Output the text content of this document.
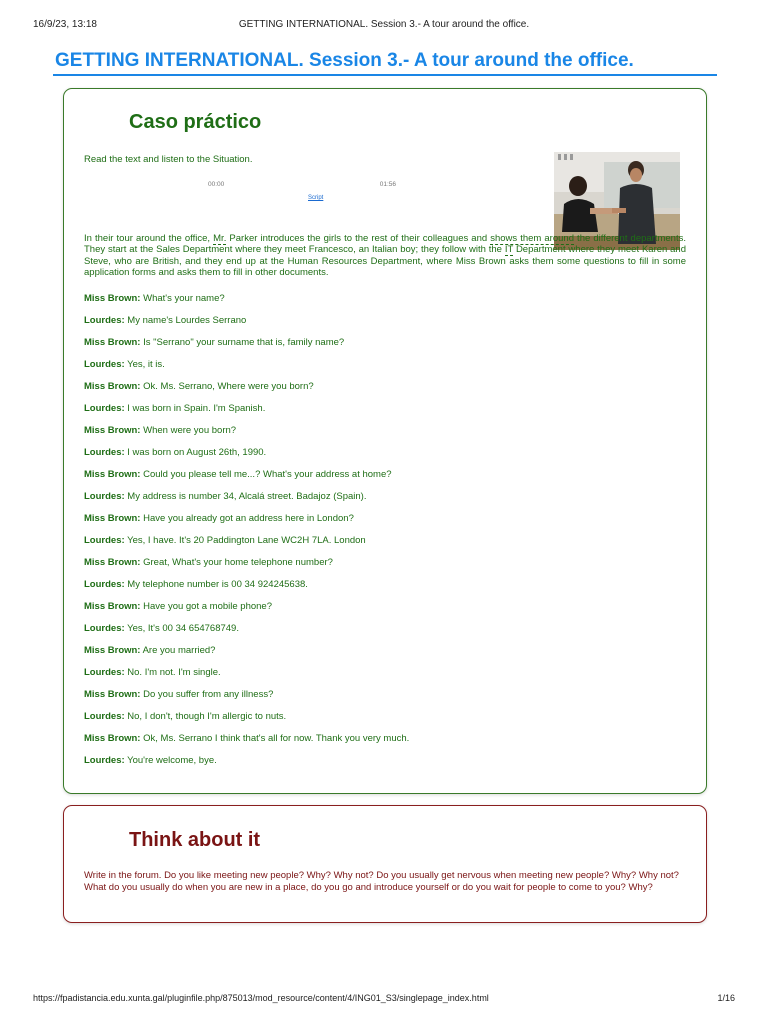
16/9/23, 13:18	GETTING INTERNATIONAL. Session 3.- A tour around the office.
GETTING INTERNATIONAL. Session 3.- A tour around the office.
Caso práctico
Read the text and listen to the Situation.
00:00	01:56
Script

In their tour around the office, Mr. Parker introduces the girls to the rest of their colleagues and shows them around the different departments. They start at the Sales Department where they meet Francesco, an Italian boy; they follow with the IT Department where they meet Karen and Steve, who are British, and they end up at the Human Resources Department, where Miss Brown asks them some questions to fill in some application forms and asks them to fill in other documents.

Miss Brown: What's your name?
Lourdes: My name's Lourdes Serrano
Miss Brown: Is "Serrano" your surname that is, family name?
Lourdes: Yes, it is.
Miss Brown: Ok. Ms. Serrano, Where were you born?
Lourdes: I was born in Spain. I'm Spanish.
Miss Brown: When were you born?
Lourdes: I was born on August 26th, 1990.
Miss Brown: Could you please tell me...? What's your address at home?
Lourdes: My address is number 34, Alcalá street. Badajoz (Spain).
Miss Brown: Have you already got an address here in London?
Lourdes: Yes, I have. It's 20 Paddington Lane WC2H 7LA. London
Miss Brown: Great, What's your home telephone number?
Lourdes: My telephone number is 00 34 924245638.
Miss Brown: Have you got a mobile phone?
Lourdes: Yes, It's 00 34 654768749.
Miss Brown: Are you married?
Lourdes: No. I'm not. I'm single.
Miss Brown: Do you suffer from any illness?
Lourdes: No, I don't, though I'm allergic to nuts.
Miss Brown: Ok, Ms. Serrano I think that's all for now. Thank you very much.
Lourdes: You're welcome, bye.
Think about it
Write in the forum. Do you like meeting new people? Why? Why not? Do you usually get nervous when meeting new people? Why? Why not? What do you usually do when you are new in a place, do you go and introduce yourself or do you wait for people to come to you? Why?
https://fpadistancia.edu.xunta.gal/pluginfile.php/875013/mod_resource/content/4/ING01_S3/singlepage_index.html	1/16
